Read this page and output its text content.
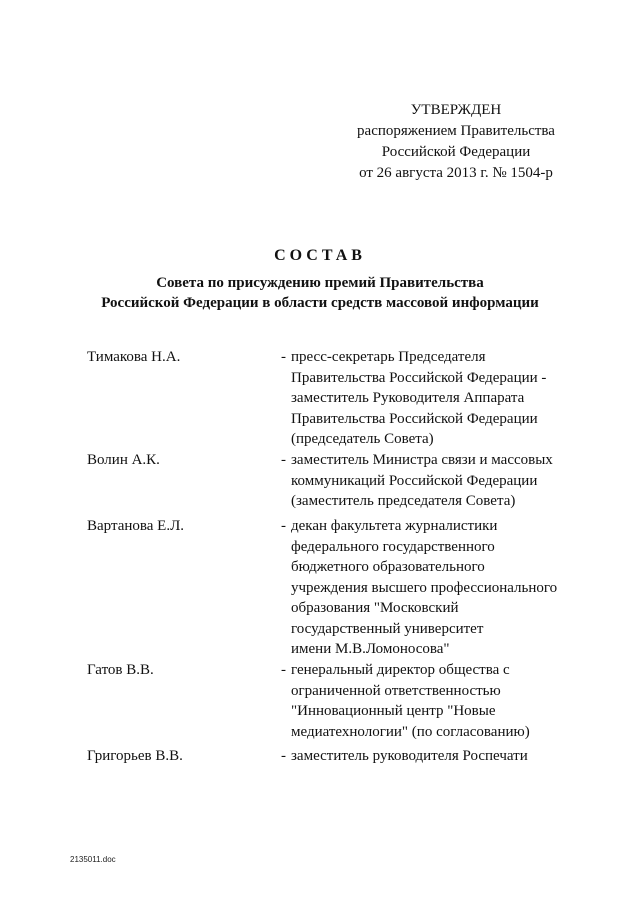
УТВЕРЖДЕН
распоряжением Правительства
Российской Федерации
от 26 августа 2013 г. № 1504-р
СОСТАВ
Совета по присуждению премий Правительства
Российской Федерации в области средств массовой информации
Тимакова Н.А.	- пресс-секретарь Председателя
Правительства Российской Федерации -
заместитель Руководителя Аппарата
Правительства Российской Федерации
(председатель Совета)
Волин А.К.	- заместитель Министра связи и массовых
коммуникаций Российской Федерации
(заместитель председателя Совета)
Вартанова Е.Л.	- декан факультета журналистики
федерального государственного
бюджетного образовательного
учреждения высшего профессионального
образования "Московский
государственный университет
имени М.В.Ломоносова"
Гатов В.В.	- генеральный директор общества с
ограниченной ответственностью
"Инновационный центр "Новые
медиатехнологии" (по согласованию)
Григорьев В.В.	- заместитель руководителя Роспечати
2135011.doc
